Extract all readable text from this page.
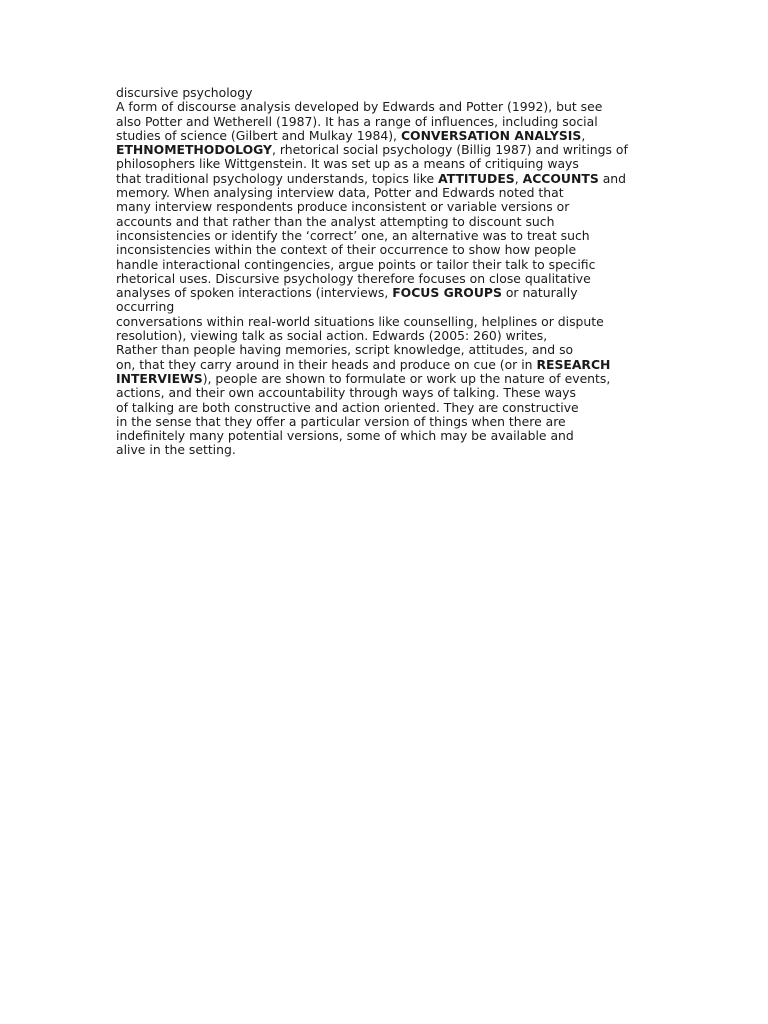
discursive psychology
A form of discourse analysis developed by Edwards and Potter (1992), but see
also Potter and Wetherell (1987). It has a range of influences, including social
studies of science (Gilbert and Mulkay 1984), CONVERSATION ANALYSIS,
ETHNOMETHODOLOGY, rhetorical social psychology (Billig 1987) and writings of
philosophers like Wittgenstein. It was set up as a means of critiquing ways
that traditional psychology understands, topics like ATTITUDES, ACCOUNTS and
memory. When analysing interview data, Potter and Edwards noted that
many interview respondents produce inconsistent or variable versions or
accounts and that rather than the analyst attempting to discount such
inconsistencies or identify the ‘correct’ one, an alternative was to treat such
inconsistencies within the context of their occurrence to show how people
handle interactional contingencies, argue points or tailor their talk to specific
rhetorical uses. Discursive psychology therefore focuses on close qualitative
analyses of spoken interactions (interviews, FOCUS GROUPS or naturally
occurring
conversations within real-world situations like counselling, helplines or dispute
resolution), viewing talk as social action. Edwards (2005: 260) writes,
Rather than people having memories, script knowledge, attitudes, and so
on, that they carry around in their heads and produce on cue (or in RESEARCH
INTERVIEWS), people are shown to formulate or work up the nature of events,
actions, and their own accountability through ways of talking. These ways
of talking are both constructive and action oriented. They are constructive
in the sense that they offer a particular version of things when there are
indefinitely many potential versions, some of which may be available and
alive in the setting.
